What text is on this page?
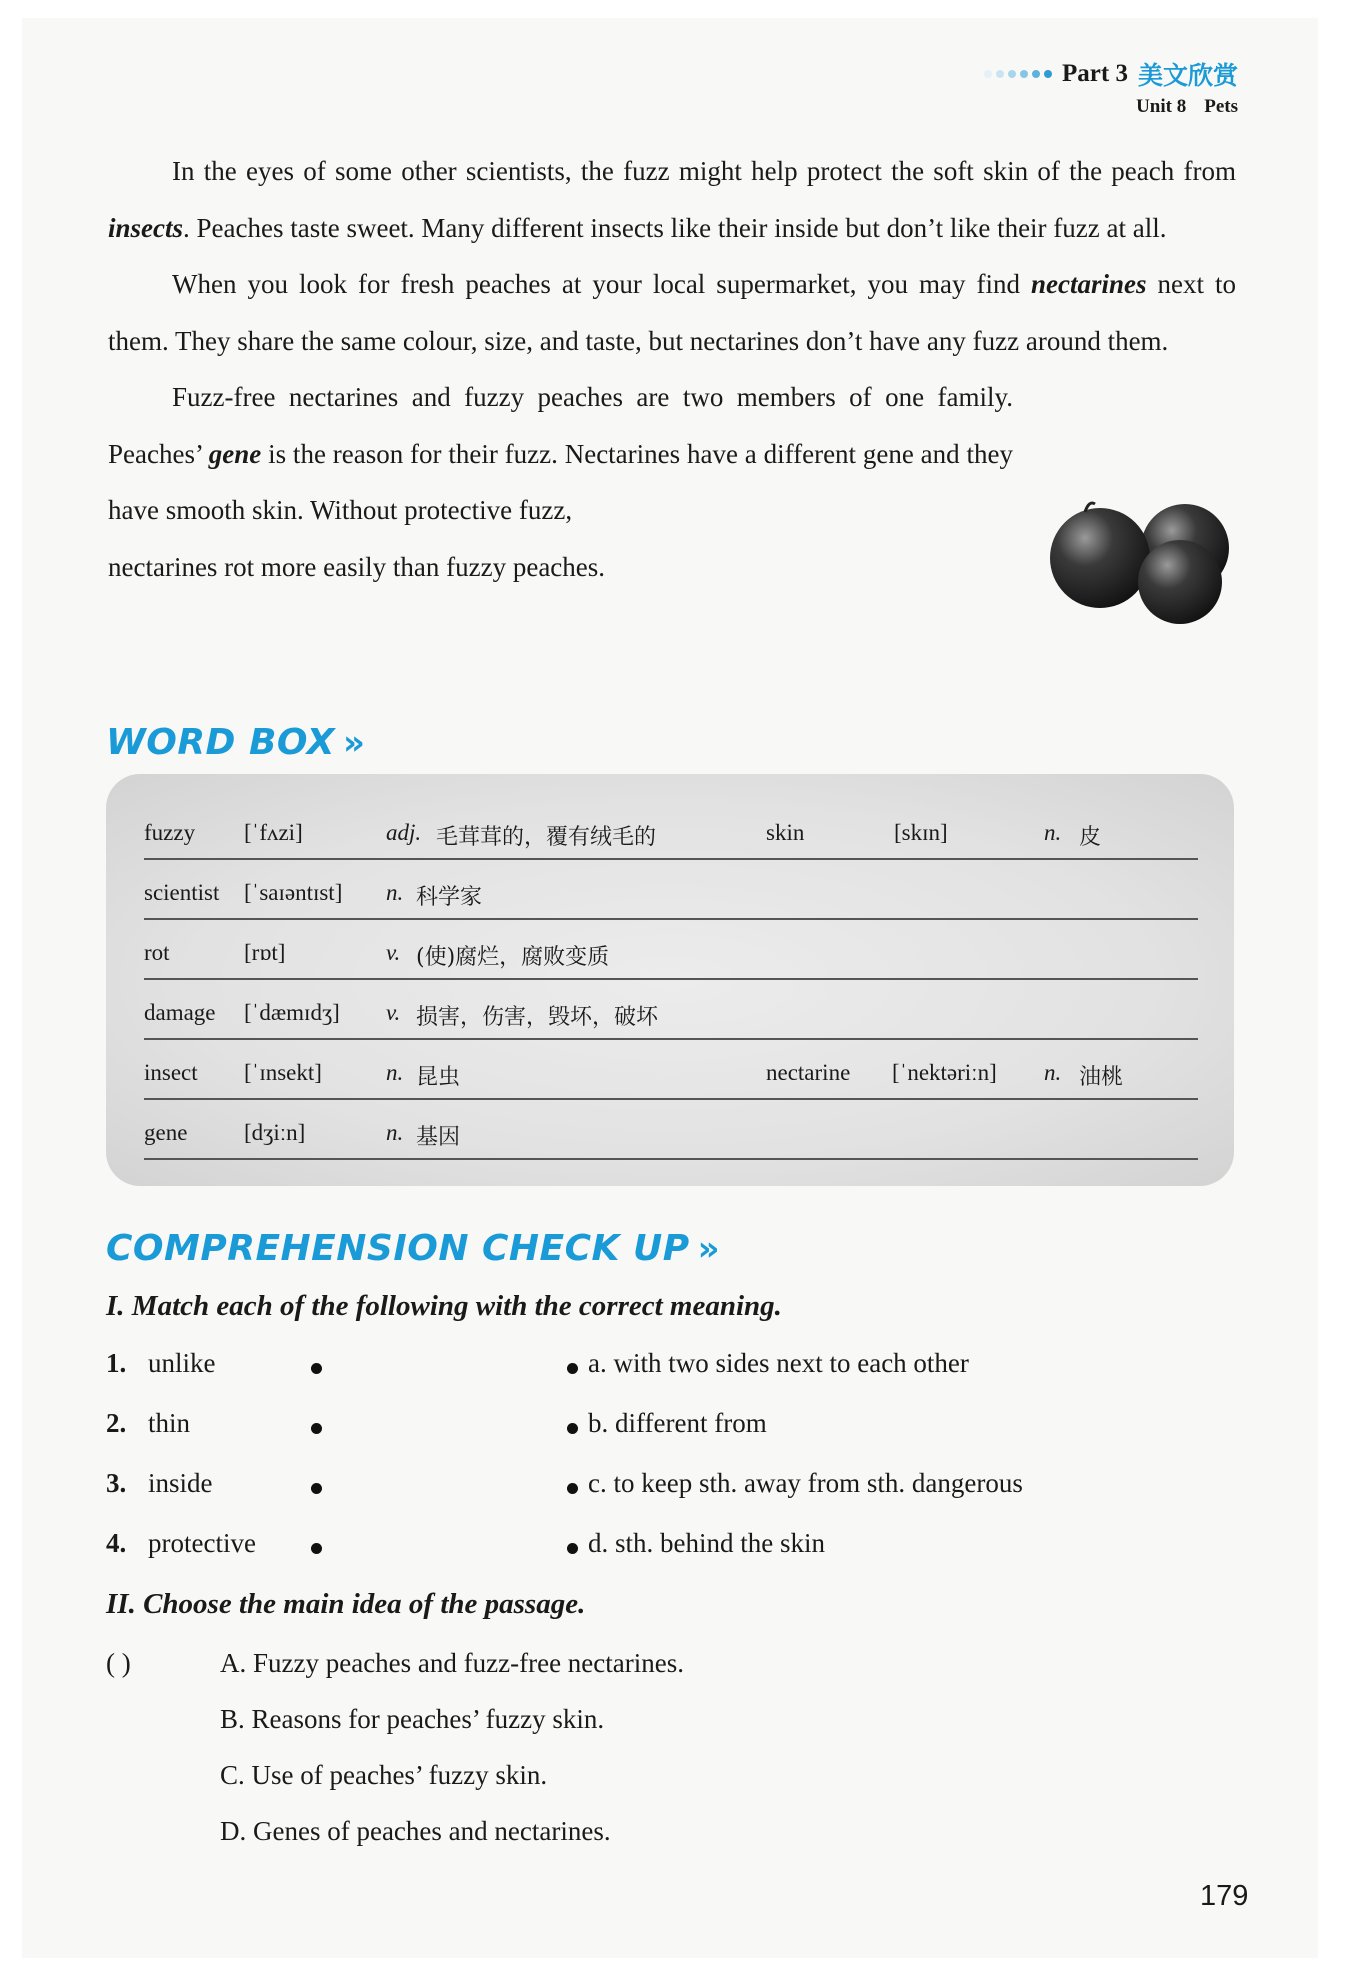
Part 3 美文欣赏
Unit 8 Pets

In the eyes of some other scientists, the fuzz might help protect the soft skin of the peach from insects. Peaches taste sweet. Many different insects like their inside but don’t like their fuzz at all.

When you look for fresh peaches at your local supermarket, you may find nectarines next to them. They share the same colour, size, and taste, but nectarines don’t have any fuzz around them.

Fuzz-free nectarines and fuzzy peaches are two members of one family. Peaches’ gene is the reason for their fuzz. Nectarines have a different gene and they have smooth skin. Without protective fuzz,

nectarines rot more easily than fuzzy peaches.
WORD BOX »
fuzzy [ˈfʌzi]	adj. 毛茸茸的，覆有绒毛的	skin	[skɪn]	n. 皮
scientist [ˈsaɪəntɪst] n. 科学家
rot	[rɒt]	v. (使)腐烂，腐败变质
damage [ˈdæmɪdʒ] v. 损害，伤害，毁坏，破坏
insect [ˈɪnsekt]	n. 昆虫	nectarine [ˈnektəriːn] n. 油桃
gene [dʒiːn]	n. 基因
COMPREHENSION CHECK UP »
I. Match each of the following with the correct meaning.
1. unlike	a. with two sides next to each other
2. thin	b. different from
3. inside	c. to keep sth. away from sth. dangerous
4. protective	d. sth. behind the skin
II. Choose the main idea of the passage.
( )	A. Fuzzy peaches and fuzz-free nectarines.
B. Reasons for peaches’ fuzzy skin.
C. Use of peaches’ fuzzy skin.
D. Genes of peaches and nectarines.
179
